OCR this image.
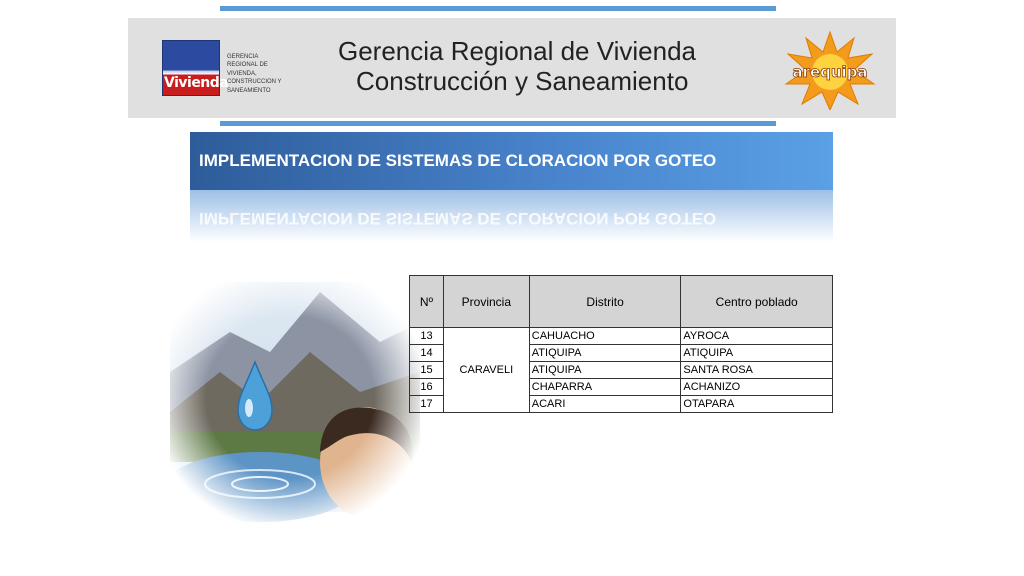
Vivienda
GERENCIA
REGIONAL DE
VIVIENDA,
CONSTRUCCION Y
SANEAMIENTO
Gerencia Regional de Vivienda
Construcción y Saneamiento	arequipa
IMPLEMENTACION DE SISTEMAS DE CLORACION POR GOTEO
IMPLEMENTACION DE SISTEMAS DE CLORACION POR GOTEO
Nº	Provincia	Distrito	Centro poblado
13	CARAVELI	CAHUACHO	AYROCA
14		ATIQUIPA	ATIQUIPA
15		ATIQUIPA	SANTA ROSA
16		CHAPARRA	ACHANIZO
17		ACARI	OTAPARA
